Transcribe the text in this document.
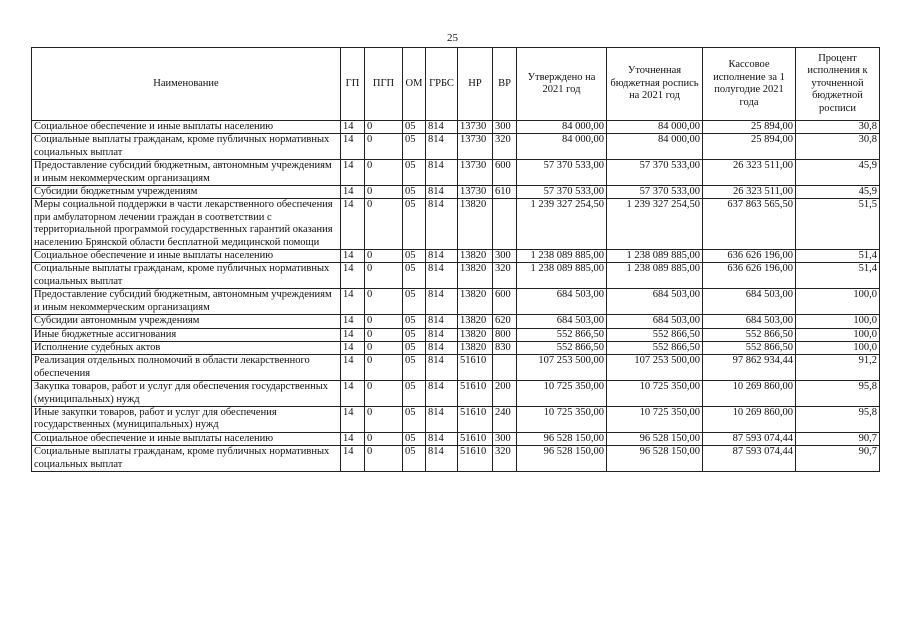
25
Наименование	ГП	ПГП	ОМ	ГРБС	НР	ВР	Утверждено на 2021 год	Уточненная бюджетная роспись на 2021 год	Кассовое исполнение за 1 полугодие 2021 года	Процент исполнения к уточненной бюджетной росписи
Социальное обеспечение и иные выплаты населению	14	0	05	814	13730	300	84 000,00	84 000,00	25 894,00	30,8
Социальные выплаты гражданам, кроме публичных нормативных социальных выплат	14	0	05	814	13730	320	84 000,00	84 000,00	25 894,00	30,8
Предоставление субсидий бюджетным, автономным учреждениям и иным некоммерческим организациям	14	0	05	814	13730	600	57 370 533,00	57 370 533,00	26 323 511,00	45,9
Субсидии бюджетным учреждениям	14	0	05	814	13730	610	57 370 533,00	57 370 533,00	26 323 511,00	45,9
Меры социальной поддержки в части лекарственного обеспечения при амбулаторном лечении граждан в соответствии с территориальной программой государственных гарантий оказания населению Брянской области бесплатной медицинской помощи	14	0	05	814	13820		1 239 327 254,50	1 239 327 254,50	637 863 565,50	51,5
Социальное обеспечение и иные выплаты населению	14	0	05	814	13820	300	1 238 089 885,00	1 238 089 885,00	636 626 196,00	51,4
Социальные выплаты гражданам, кроме публичных нормативных социальных выплат	14	0	05	814	13820	320	1 238 089 885,00	1 238 089 885,00	636 626 196,00	51,4
Предоставление субсидий бюджетным, автономным учреждениям и иным некоммерческим организациям	14	0	05	814	13820	600	684 503,00	684 503,00	684 503,00	100,0
Субсидии автономным учреждениям	14	0	05	814	13820	620	684 503,00	684 503,00	684 503,00	100,0
Иные бюджетные ассигнования	14	0	05	814	13820	800	552 866,50	552 866,50	552 866,50	100,0
Исполнение судебных актов	14	0	05	814	13820	830	552 866,50	552 866,50	552 866,50	100,0
Реализация отдельных полномочий в области лекарственного обеспечения	14	0	05	814	51610		107 253 500,00	107 253 500,00	97 862 934,44	91,2
Закупка товаров, работ и услуг для обеспечения государственных (муниципальных) нужд	14	0	05	814	51610	200	10 725 350,00	10 725 350,00	10 269 860,00	95,8
Иные закупки товаров, работ и услуг для обеспечения государственных (муниципальных) нужд	14	0	05	814	51610	240	10 725 350,00	10 725 350,00	10 269 860,00	95,8
Социальное обеспечение и иные выплаты населению	14	0	05	814	51610	300	96 528 150,00	96 528 150,00	87 593 074,44	90,7
Социальные выплаты гражданам, кроме публичных нормативных социальных выплат	14	0	05	814	51610	320	96 528 150,00	96 528 150,00	87 593 074,44	90,7
